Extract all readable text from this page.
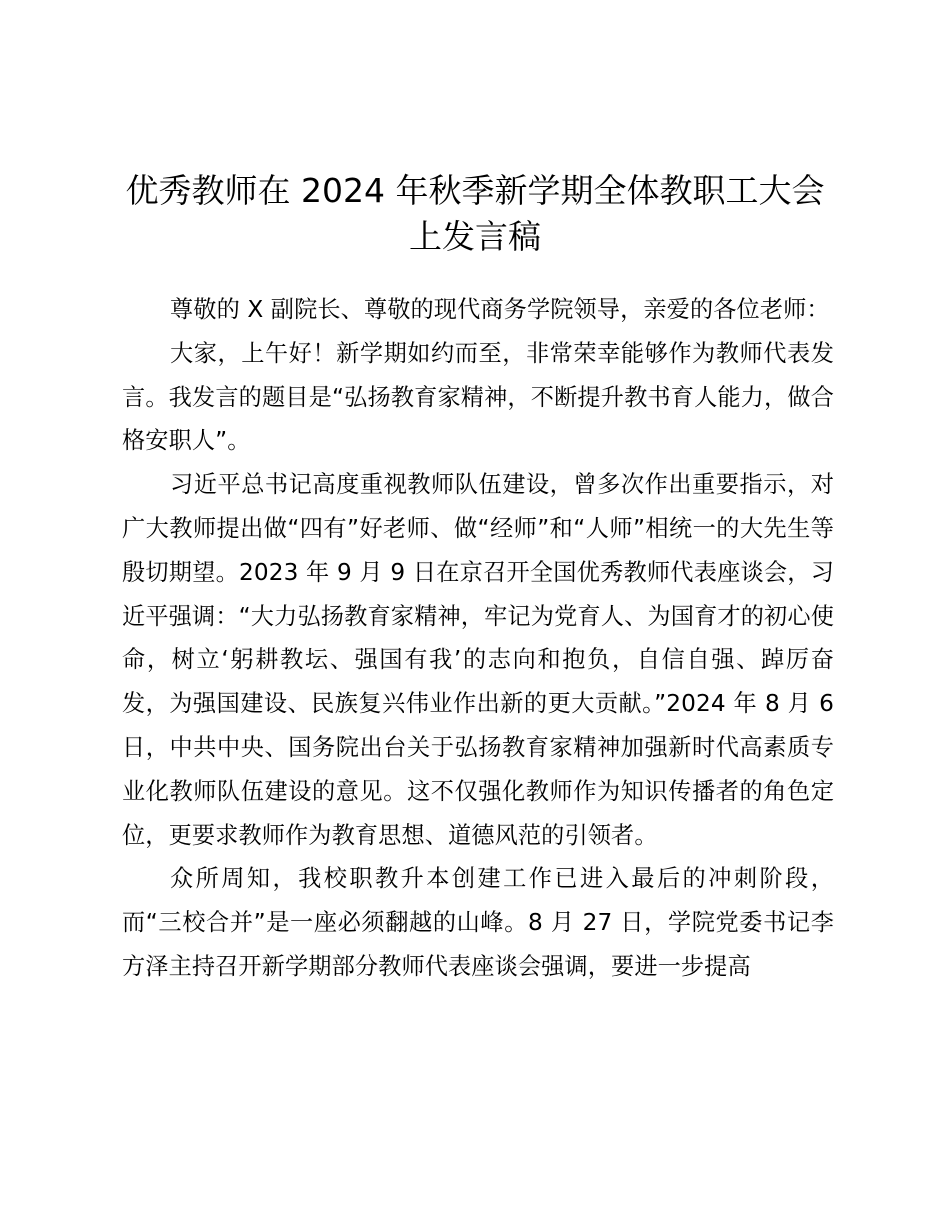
优秀教师在 2024 年秋季新学期全体教职工大会上发言稿

尊敬的 X 副院长、尊敬的现代商务学院领导，亲爱的各位老师：

大家，上午好！新学期如约而至，非常荣幸能够作为教师代表发言。我发言的题目是“弘扬教育家精神，不断提升教书育人能力，做合格安职人”。

习近平总书记高度重视教师队伍建设，曾多次作出重要指示，对广大教师提出做“四有”好老师、做“经师”和“人师”相统一的大先生等殷切期望。2023 年 9 月 9 日在京召开全国优秀教师代表座谈会，习近平强调：“大力弘扬教育家精神，牢记为党育人、为国育才的初心使命，树立‘躬耕教坛、强国有我’的志向和抱负，自信自强、踔厉奋发，为强国建设、民族复兴伟业作出新的更大贡献。”2024 年 8 月 6 日，中共中央、国务院出台关于弘扬教育家精神加强新时代高素质专业化教师队伍建设的意见。这不仅强化教师作为知识传播者的角色定位，更要求教师作为教育思想、道德风范的引领者。

众所周知，我校职教升本创建工作已进入最后的冲刺阶段，而“三校合并”是一座必须翻越的山峰。8 月 27 日，学院党委书记李方泽主持召开新学期部分教师代表座谈会强调，要进一步提高
